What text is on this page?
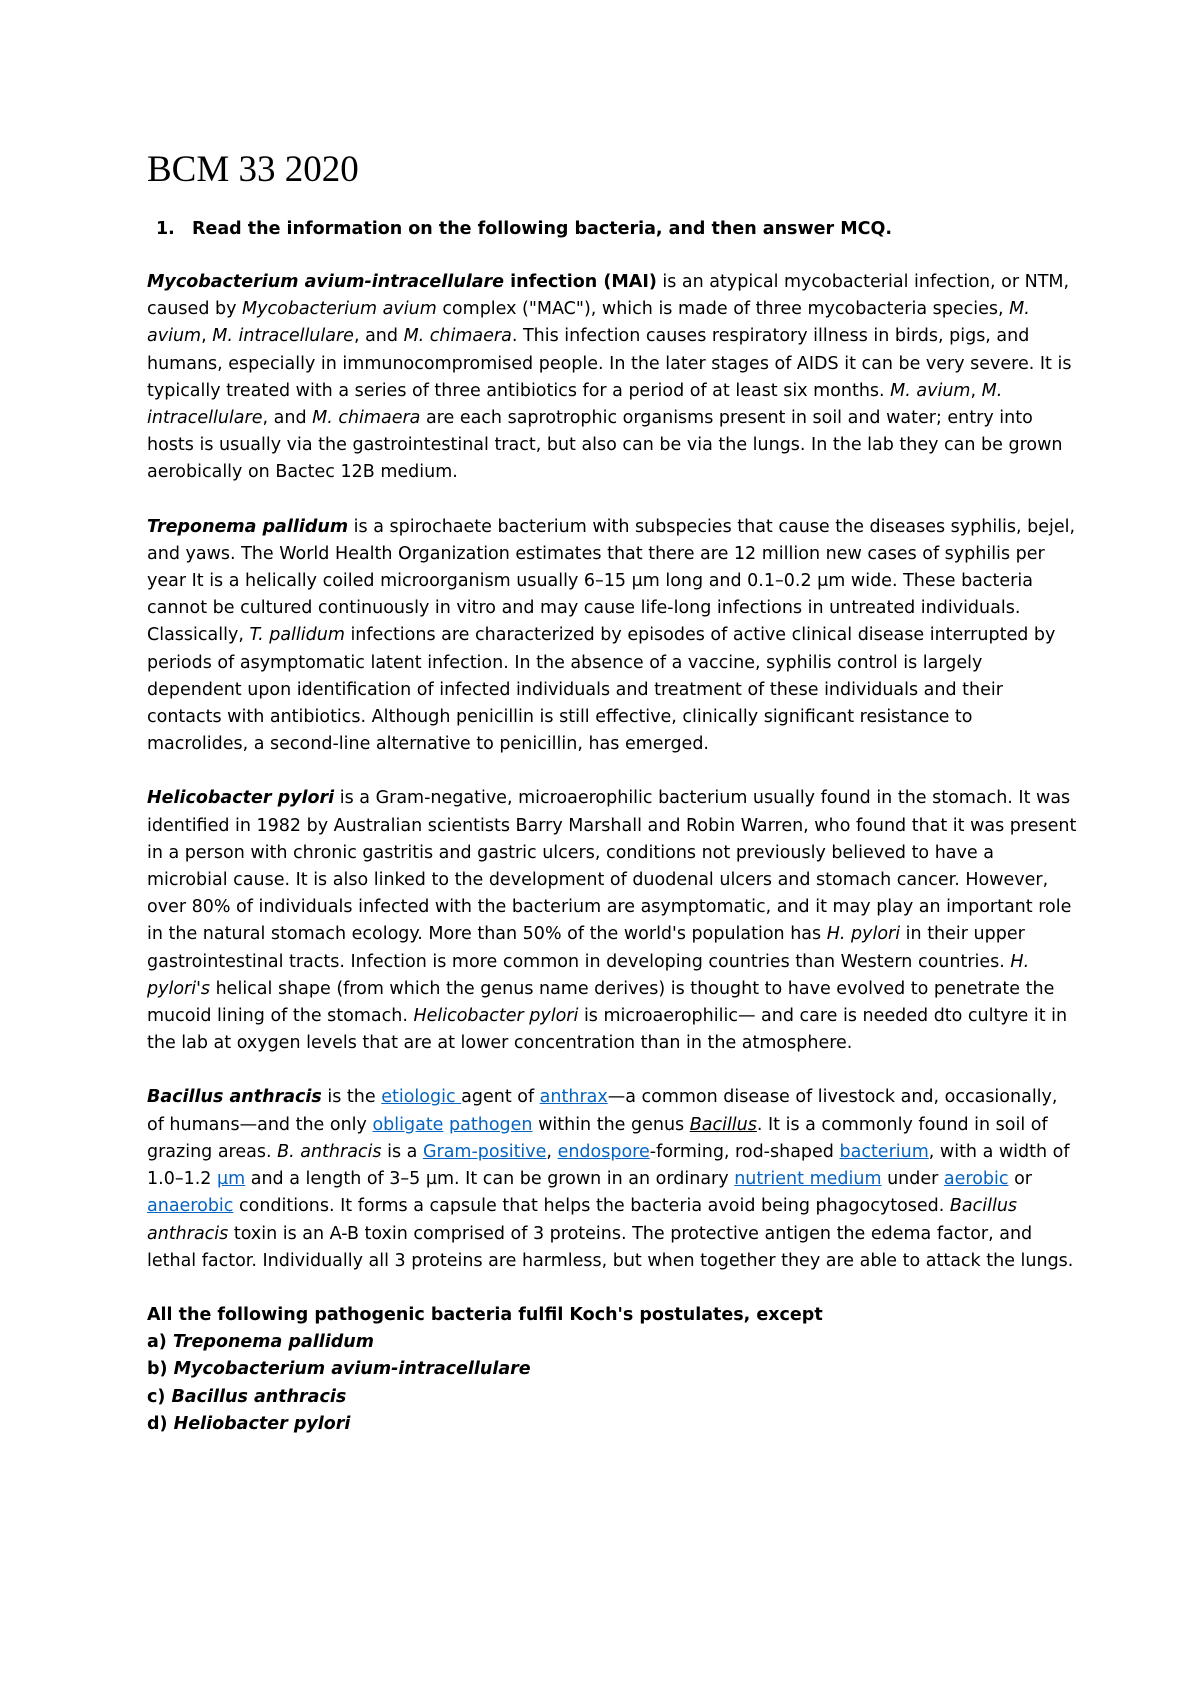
BCM 33 2020
1. Read the information on the following bacteria, and then answer MCQ.

Mycobacterium avium-intracellulare infection (MAI) is an atypical mycobacterial infection, or NTM, caused by Mycobacterium avium complex ("MAC"), which is made of three mycobacteria species, M. avium, M. intracellulare, and M. chimaera. This infection causes respiratory illness in birds, pigs, and humans, especially in immunocompromised people. In the later stages of AIDS it can be very severe. It is typically treated with a series of three antibiotics for a period of at least six months. M. avium, M. intracellulare, and M. chimaera are each saprotrophic organisms present in soil and water; entry into hosts is usually via the gastrointestinal tract, but also can be via the lungs. In the lab they can be grown aerobically on Bactec 12B medium.

Treponema pallidum is a spirochaete bacterium with subspecies that cause the diseases syphilis, bejel, and yaws. The World Health Organization estimates that there are 12 million new cases of syphilis per year It is a helically coiled microorganism usually 6–15 μm long and 0.1–0.2 μm wide. These bacteria cannot be cultured continuously in vitro and may cause life-long infections in untreated individuals. Classically, T. pallidum infections are characterized by episodes of active clinical disease interrupted by periods of asymptomatic latent infection. In the absence of a vaccine, syphilis control is largely dependent upon identification of infected individuals and treatment of these individuals and their contacts with antibiotics. Although penicillin is still effective, clinically significant resistance to macrolides, a second-line alternative to penicillin, has emerged.

Helicobacter pylori is a Gram-negative, microaerophilic bacterium usually found in the stomach. It was identified in 1982 by Australian scientists Barry Marshall and Robin Warren, who found that it was present in a person with chronic gastritis and gastric ulcers, conditions not previously believed to have a microbial cause. It is also linked to the development of duodenal ulcers and stomach cancer. However, over 80% of individuals infected with the bacterium are asymptomatic, and it may play an important role in the natural stomach ecology. More than 50% of the world's population has H. pylori in their upper gastrointestinal tracts. Infection is more common in developing countries than Western countries. H. pylori's helical shape (from which the genus name derives) is thought to have evolved to penetrate the mucoid lining of the stomach. Helicobacter pylori is microaerophilic— and care is needed dto cultyre it in the lab at oxygen levels that are at lower concentration than in the atmosphere.

Bacillus anthracis is the etiologic agent of anthrax—a common disease of livestock and, occasionally, of humans—and the only obligate pathogen within the genus Bacillus. It is a commonly found in soil of grazing areas. B. anthracis is a Gram-positive, endospore-forming, rod-shaped bacterium, with a width of 1.0–1.2 µm and a length of 3–5 µm. It can be grown in an ordinary nutrient medium under aerobic or anaerobic conditions. It forms a capsule that helps the bacteria avoid being phagocytosed. Bacillus anthracis toxin is an A-B toxin comprised of 3 proteins. The protective antigen the edema factor, and lethal factor. Individually all 3 proteins are harmless, but when together they are able to attack the lungs.

All the following pathogenic bacteria fulfil Koch's postulates, except

a) Treponema pallidum

b) Mycobacterium avium-intracellulare

c) Bacillus anthracis

d) Heliobacter pylori
